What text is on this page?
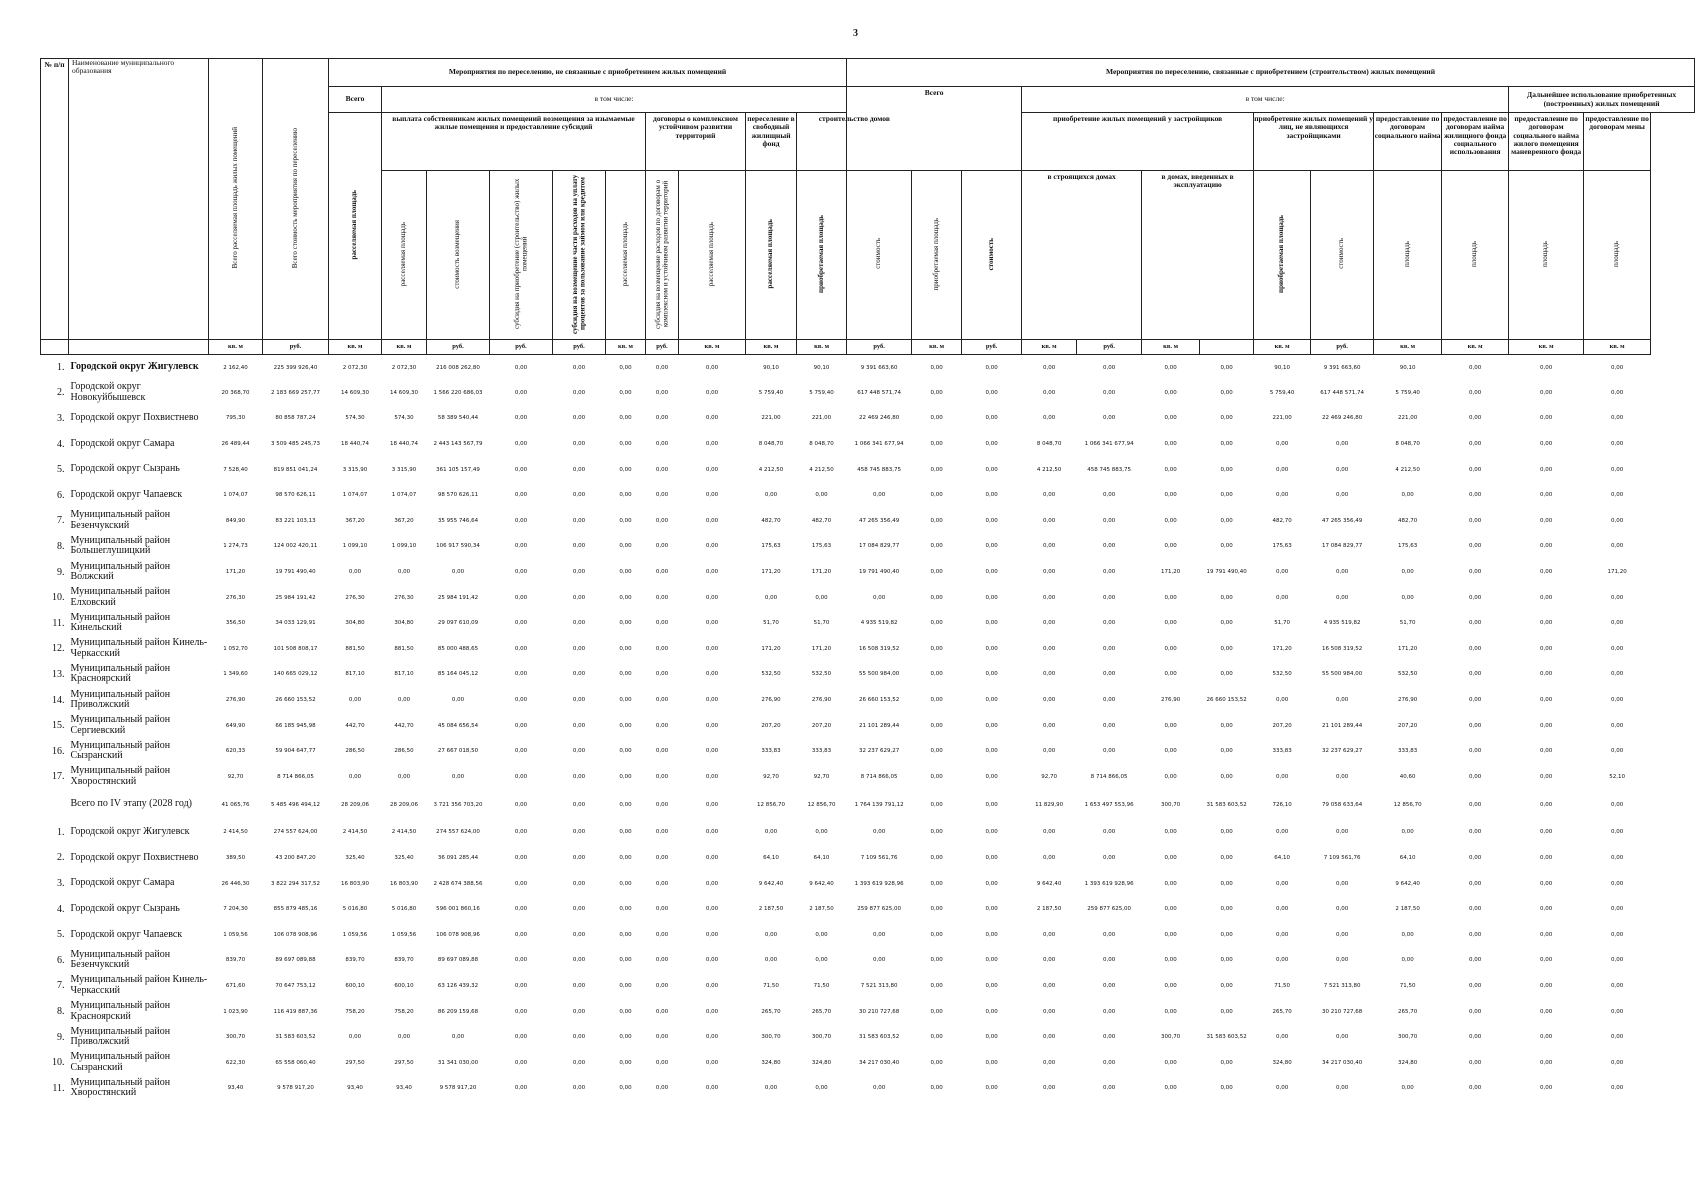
3
№ п/п	Наименование муниципального образования	Всего расселяемая площадь жилых помещений	Всего стоимость мероприятия по переселению	Мероприятия по переселению, не связанные с приобретением жилых помещений										Мероприятия по переселению, связанные с приобретением (строительством) жилых помещений												
				Всего	в том числе:									Всего			в том числе:								Дальнейшее использование приобретенных (построенных) жилых помещений	
				расселяемая площадь	выплата собственникам жилых помещений возмещения за изымаемые жилые помещения и предоставление субсидий					договоры о комплексном устойчивом развитии территорий		переселение в свободный жилищный фонд	строительство домов				приобретение жилых помещений у застройщиков				приобретение жилых помещений у лиц, не являющихся застройщиками		предоставление по договорам социального найма	предоставление по договорам найма жилищного фонда социального использования	предоставление по договорам социального найма жилого помещения маневренного фонда	предоставление по договорам мены
					расселяемая площадь	стоимость возмещения	субсидия на приобретение (строительство) жилых помещений	субсидия на возмещение части расходов на уплату процентов за пользование займом или кредитом	расселяемая площадь	субсидия на возмещение расходов по договорам о комплексном и устойчивом развитии территорий	расселяемая площадь	расселяемая площадь	приобретаемая площадь	стоимость	приобретаемая площадь	стоимость	в строящихся домах		в домах, введенных в эксплуатацию		приобретаемая площадь	стоимость	площадь	площадь	площадь	площадь
		кв. м	руб.	кв. м	кв. м	руб.	руб.	руб.	кв. м	руб.	кв. м	кв. м	кв. м	руб.	кв. м	руб.	кв. м	руб.	кв. м		кв. м	руб.	кв. м	кв. м	кв. м	кв. м
1.	Городской округ Жигулевск	2 162,40	225 399 926,40	2 072,30	2 072,30	216 008 262,80	0,00	0,00	0,00	0,00	0,00	90,10	90,10	9 391 663,60	0,00	0,00	0,00	0,00	0,00	0,00	90,10	9 391 663,60	90,10	0,00	0,00	0,00
2.	Городской округ Новокуйбышевск	20 368,70	2 183 669 257,77	14 609,30	14 609,30	1 566 220 686,03	0,00	0,00	0,00	0,00	0,00	5 759,40	5 759,40	617 448 571,74	0,00	0,00	0,00	0,00	0,00	0,00	5 759,40	617 448 571,74	5 759,40	0,00	0,00	0,00
3.	Городской округ Похвистнево	795,30	80 858 787,24	574,30	574,30	58 389 540,44	0,00	0,00	0,00	0,00	0,00	221,00	221,00	22 469 246,80	0,00	0,00	0,00	0,00	0,00	0,00	221,00	22 469 246,80	221,00	0,00	0,00	0,00
4.	Городской округ Самара	26 489,44	3 509 485 245,73	18 440,74	18 440,74	2 443 143 567,79	0,00	0,00	0,00	0,00	0,00	8 048,70	8 048,70	1 066 341 677,94	0,00	0,00	8 048,70	1 066 341 677,94	0,00	0,00	0,00	0,00	8 048,70	0,00	0,00	0,00
5.	Городской округ Сызрань	7 528,40	819 851 041,24	3 315,90	3 315,90	361 105 157,49	0,00	0,00	0,00	0,00	0,00	4 212,50	4 212,50	458 745 883,75	0,00	0,00	4 212,50	458 745 883,75	0,00	0,00	0,00	0,00	4 212,50	0,00	0,00	0,00
6.	Городской округ Чапаевск	1 074,07	98 570 626,11	1 074,07	1 074,07	98 570 626,11	0,00	0,00	0,00	0,00	0,00	0,00	0,00	0,00	0,00	0,00	0,00	0,00	0,00	0,00	0,00	0,00	0,00	0,00	0,00	0,00
7.	Муниципальный район Безенчукский	849,90	83 221 103,13	367,20	367,20	35 955 746,64	0,00	0,00	0,00	0,00	0,00	482,70	482,70	47 265 356,49	0,00	0,00	0,00	0,00	0,00	0,00	482,70	47 265 356,49	482,70	0,00	0,00	0,00
8.	Муниципальный район Большеглушицкий	1 274,73	124 002 420,11	1 099,10	1 099,10	106 917 590,34	0,00	0,00	0,00	0,00	0,00	175,63	175,63	17 084 829,77	0,00	0,00	0,00	0,00	0,00	0,00	175,63	17 084 829,77	175,63	0,00	0,00	0,00
9.	Муниципальный район Волжский	171,20	19 791 490,40	0,00	0,00	0,00	0,00	0,00	0,00	0,00	0,00	171,20	171,20	19 791 490,40	0,00	0,00	0,00	0,00	171,20	19 791 490,40	0,00	0,00	0,00	0,00	0,00	171,20
10.	Муниципальный район Елховский	276,30	25 984 191,42	276,30	276,30	25 984 191,42	0,00	0,00	0,00	0,00	0,00	0,00	0,00	0,00	0,00	0,00	0,00	0,00	0,00	0,00	0,00	0,00	0,00	0,00	0,00	0,00
11.	Муниципальный район Кинельский	356,50	34 033 129,91	304,80	304,80	29 097 610,09	0,00	0,00	0,00	0,00	0,00	51,70	51,70	4 935 519,82	0,00	0,00	0,00	0,00	0,00	0,00	51,70	4 935 519,82	51,70	0,00	0,00	0,00
12.	Муниципальный район Кинель- Черкасский	1 052,70	101 508 808,17	881,50	881,50	85 000 488,65	0,00	0,00	0,00	0,00	0,00	171,20	171,20	16 508 319,52	0,00	0,00	0,00	0,00	0,00	0,00	171,20	16 508 319,52	171,20	0,00	0,00	0,00
13.	Муниципальный район Красноярский	1 349,60	140 665 029,12	817,10	817,10	85 164 045,12	0,00	0,00	0,00	0,00	0,00	532,50	532,50	55 500 984,00	0,00	0,00	0,00	0,00	0,00	0,00	532,50	55 500 984,00	532,50	0,00	0,00	0,00
14.	Муниципальный район Приволжский	276,90	26 660 153,52	0,00	0,00	0,00	0,00	0,00	0,00	0,00	0,00	276,90	276,90	26 660 153,52	0,00	0,00	0,00	0,00	276,90	26 660 153,52	0,00	0,00	276,90	0,00	0,00	0,00
15.	Муниципальный район Сергиевский	649,90	66 185 945,98	442,70	442,70	45 084 656,54	0,00	0,00	0,00	0,00	0,00	207,20	207,20	21 101 289,44	0,00	0,00	0,00	0,00	0,00	0,00	207,20	21 101 289,44	207,20	0,00	0,00	0,00
16.	Муниципальный район Сызранский	620,33	59 904 647,77	286,50	286,50	27 667 018,50	0,00	0,00	0,00	0,00	0,00	333,83	333,83	32 237 629,27	0,00	0,00	0,00	0,00	0,00	0,00	333,83	32 237 629,27	333,83	0,00	0,00	0,00
17.	Муниципальный район Хворостянский	92,70	8 714 866,05	0,00	0,00	0,00	0,00	0,00	0,00	0,00	0,00	92,70	92,70	8 714 866,05	0,00	0,00	92,70	8 714 866,05	0,00	0,00	0,00	0,00	40,60	0,00	0,00	52,10
	Всего по IV этапу (2028 год)	41 065,76	5 485 496 494,12	28 209,06	28 209,06	3 721 356 703,20	0,00	0,00	0,00	0,00	0,00	12 856,70	12 856,70	1 764 139 791,12	0,00	0,00	11 829,90	1 653 497 553,96	300,70	31 583 603,52	726,10	79 058 633,64	12 856,70	0,00	0,00	0,00
1.	Городской округ Жигулевск	2 414,50	274 557 624,00	2 414,50	2 414,50	274 557 624,00	0,00	0,00	0,00	0,00	0,00	0,00	0,00	0,00	0,00	0,00	0,00	0,00	0,00	0,00	0,00	0,00	0,00	0,00	0,00	0,00
2.	Городской округ Похвистнево	389,50	43 200 847,20	325,40	325,40	36 091 285,44	0,00	0,00	0,00	0,00	0,00	64,10	64,10	7 109 561,76	0,00	0,00	0,00	0,00	0,00	0,00	64,10	7 109 561,76	64,10	0,00	0,00	0,00
3.	Городской округ Самара	26 446,30	3 822 294 317,52	16 803,90	16 803,90	2 428 674 388,56	0,00	0,00	0,00	0,00	0,00	9 642,40	9 642,40	1 393 619 928,96	0,00	0,00	9 642,40	1 393 619 928,96	0,00	0,00	0,00	0,00	9 642,40	0,00	0,00	0,00
4.	Городской округ Сызрань	7 204,30	855 879 485,16	5 016,80	5 016,80	596 001 860,16	0,00	0,00	0,00	0,00	0,00	2 187,50	2 187,50	259 877 625,00	0,00	0,00	2 187,50	259 877 625,00	0,00	0,00	0,00	0,00	2 187,50	0,00	0,00	0,00
5.	Городской округ Чапаевск	1 059,56	106 078 908,96	1 059,56	1 059,56	106 078 908,96	0,00	0,00	0,00	0,00	0,00	0,00	0,00	0,00	0,00	0,00	0,00	0,00	0,00	0,00	0,00	0,00	0,00	0,00	0,00	0,00
6.	Муниципальный район Безенчукский	839,70	89 697 089,88	839,70	839,70	89 697 089,88	0,00	0,00	0,00	0,00	0,00	0,00	0,00	0,00	0,00	0,00	0,00	0,00	0,00	0,00	0,00	0,00	0,00	0,00	0,00	0,00
7.	Муниципальный район Кинель- Черкасский	671,60	70 647 753,12	600,10	600,10	63 126 439,32	0,00	0,00	0,00	0,00	0,00	71,50	71,50	7 521 313,80	0,00	0,00	0,00	0,00	0,00	0,00	71,50	7 521 313,80	71,50	0,00	0,00	0,00
8.	Муниципальный район Красноярский	1 023,90	116 419 887,36	758,20	758,20	86 209 159,68	0,00	0,00	0,00	0,00	0,00	265,70	265,70	30 210 727,68	0,00	0,00	0,00	0,00	0,00	0,00	265,70	30 210 727,68	265,70	0,00	0,00	0,00
9.	Муниципальный район Приволжский	300,70	31 583 603,52	0,00	0,00	0,00	0,00	0,00	0,00	0,00	0,00	300,70	300,70	31 583 603,52	0,00	0,00	0,00	0,00	300,70	31 583 603,52	0,00	0,00	300,70	0,00	0,00	0,00
10.	Муниципальный район Сызранский	622,30	65 558 060,40	297,50	297,50	31 341 030,00	0,00	0,00	0,00	0,00	0,00	324,80	324,80	34 217 030,40	0,00	0,00	0,00	0,00	0,00	0,00	324,80	34 217 030,40	324,80	0,00	0,00	0,00
11.	Муниципальный район Хворостянский	93,40	9 578 917,20	93,40	93,40	9 578 917,20	0,00	0,00	0,00	0,00	0,00	0,00	0,00	0,00	0,00	0,00	0,00	0,00	0,00	0,00	0,00	0,00	0,00	0,00	0,00	0,00
